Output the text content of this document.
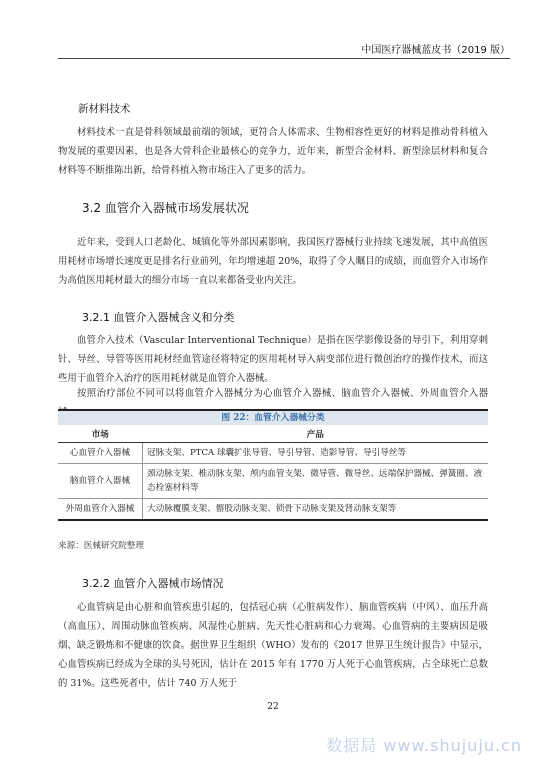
中国医疗器械蓝皮书（2019 版）
新材料技术

材料技术一直是骨科领域最前端的领域，更符合人体需求、生物相容性更好的材料是推动骨科植入物发展的重要因素，也是各大骨科企业最核心的竞争力，近年来，新型合金材料、新型涂层材料和复合材料等不断推陈出新，给骨科植入物市场注入了更多的活力。

3.2 血管介入器械市场发展状况

近年来，受到人口老龄化、城镇化等外部因素影响，我国医疗器械行业持续飞速发展，其中高值医用耗材市场增长速度更是排名行业前列，年均增速超 20%，取得了令人瞩目的成绩，而血管介入市场作为高值医用耗材最大的细分市场一直以来都备受业内关注。

3.2.1 血管介入器械含义和分类

血管介入技术（Vascular Interventional Technique）是指在医学影像设备的导引下，利用穿刺针、导丝、导管等医用耗材经血管途径将特定的医用耗材导入病变部位进行微创治疗的操作技术，而这些用于血管介入治疗的医用耗材就是血管介入器械。

按照治疗部位不同可以将血管介入器械分为心血管介入器械、脑血管介入器械、外周血管介入器

图 22：血管介入器械分类
市场	产品
心血管介入器械	冠脉支架、PTCA 球囊扩张导管、导引导管、造影导管、导引导丝等
脑血管介入器械	颈动脉支架、椎动脉支架、颅内血管支架、微导管、微导丝、远端保护器械、弹簧圈、液态栓塞材料等
外周血管介入器械	大动脉覆膜支架、髂股动脉支架、锁骨下动脉支架及肾动脉支架等
来源：医械研究院整理
3.2.2 血管介入器械市场情况

心血管病是由心脏和血管疾患引起的，包括冠心病（心脏病发作）、脑血管疾病（中风）、血压升高（高血压）、周围动脉血管疾病、风湿性心脏病、先天性心脏病和心力衰竭。心血管病的主要病因是吸烟、缺乏锻炼和不健康的饮食。据世界卫生组织（WHO）发布的《2017 世界卫生统计报告》中显示，心血管疾病已经成为全球的头号死因，估计在 2015 年有 1770 万人死于心血管疾病，占全球死亡总数的 31%。这些死者中，估计 740 万人死于

22
数据局 www.shujuju.cn
